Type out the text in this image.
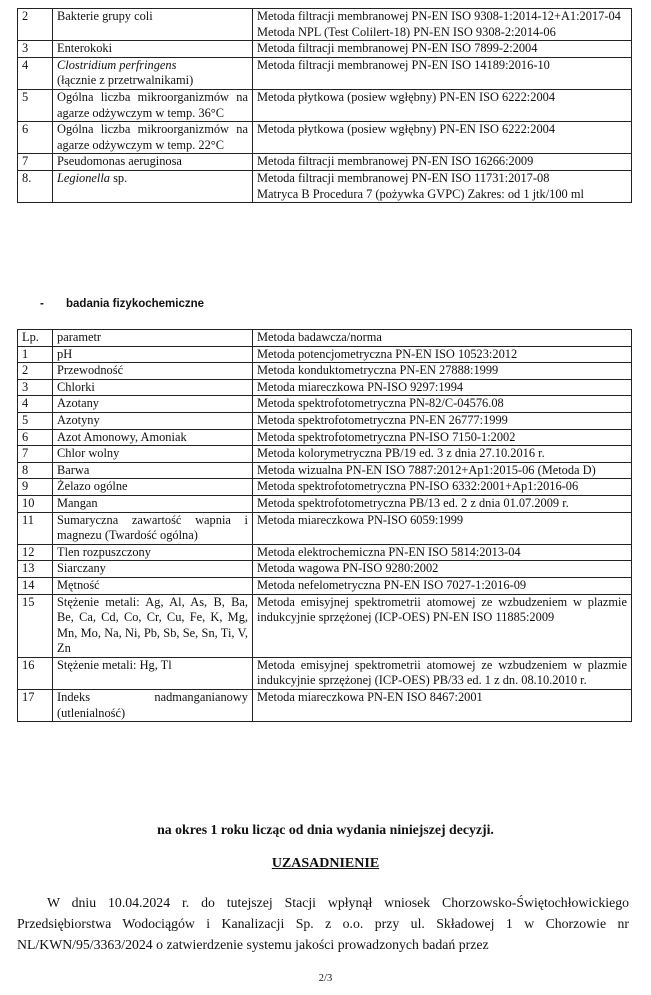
2	Bakterie grupy coli	Metoda filtracji membranowej PN-EN ISO 9308-1:2014-12+A1:2017-04
Metoda NPL (Test Colilert-18) PN-EN ISO 9308-2:2014-06

3	Enterokoki	Metoda filtracji membranowej PN-EN ISO 7899-2:2004

4	Clostridium perfringens
(łącznie z przetrwalnikami)	Metoda filtracji membranowej PN-EN ISO 14189:2016-10

5	Ogólna liczba mikroorganizmów na agarze odżywczym w temp. 36°C	Metoda płytkowa (posiew wgłębny) PN-EN ISO 6222:2004

6	Ogólna liczba mikroorganizmów na agarze odżywczym w temp. 22°C	Metoda płytkowa (posiew wgłębny) PN-EN ISO 6222:2004

7	Pseudomonas aeruginosa	Metoda filtracji membranowej PN-EN ISO 16266:2009

8.	Legionella sp.	Metoda filtracji membranowej PN-EN ISO 11731:2017-08
Matryca B Procedura 7 (pożywka GVPC) Zakres: od 1 jtk/100 ml
- badania fizykochemiczne
Lp.	parametr	Metoda badawcza/norma
1	pH	Metoda potencjometryczna PN-EN ISO 10523:2012
2	Przewodność	Metoda konduktometryczna PN-EN 27888:1999
3	Chlorki	Metoda miareczkowa PN-ISO 9297:1994
4	Azotany	Metoda spektrofotometryczna PN-82/C-04576.08
5	Azotyny	Metoda spektrofotometryczna PN-EN 26777:1999
6	Azot Amonowy, Amoniak	Metoda spektrofotometryczna PN-ISO 7150-1:2002
7	Chlor wolny	Metoda kolorymetryczna PB/19 ed. 3 z dnia 27.10.2016 r.
8	Barwa	Metoda wizualna PN-EN ISO 7887:2012+Ap1:2015-06 (Metoda D)
9	Żelazo ogólne	Metoda spektrofotometryczna PN-ISO 6332:2001+Ap1:2016-06
10	Mangan	Metoda spektrofotometryczna PB/13 ed. 2 z dnia 01.07.2009 r.
11	Sumaryczna zawartość wapnia i magnezu (Twardość ogólna)	Metoda miareczkowa PN-ISO 6059:1999
12	Tlen rozpuszczony	Metoda elektrochemiczna PN-EN ISO 5814:2013-04
13	Siarczany	Metoda wagowa PN-ISO 9280:2002
14	Mętność	Metoda nefelometryczna PN-EN ISO 7027-1:2016-09
15	Stężenie metali: Ag, Al, As, B, Ba, Be, Ca, Cd, Co, Cr, Cu, Fe, K, Mg, Mn, Mo, Na, Ni, Pb, Sb, Se, Sn, Ti, V, Zn	Metoda emisyjnej spektrometrii atomowej ze wzbudzeniem w plazmie indukcyjnie sprzężonej (ICP-OES) PN-EN ISO 11885:2009
16	Stężenie metali: Hg, Tl	Metoda emisyjnej spektrometrii atomowej ze wzbudzeniem w plazmie indukcyjnie sprzężonej (ICP-OES) PB/33 ed. 1 z dn. 08.10.2010 r.
17	Indeks nadmanganianowy (utlenialność)	Metoda miareczkowa PN-EN ISO 8467:2001
na okres 1 roku licząc od dnia wydania niniejszej decyzji.
UZASADNIENIE
W dniu 10.04.2024 r. do tutejszej Stacji wpłynął wniosek Chorzowsko-Świętochłowickiego Przedsiębiorstwa Wodociągów i Kanalizacji Sp. z o.o. przy ul. Składowej 1 w Chorzowie nr NL/KWN/95/3363/2024 o zatwierdzenie systemu jakości prowadzonych badań przez
2/3
